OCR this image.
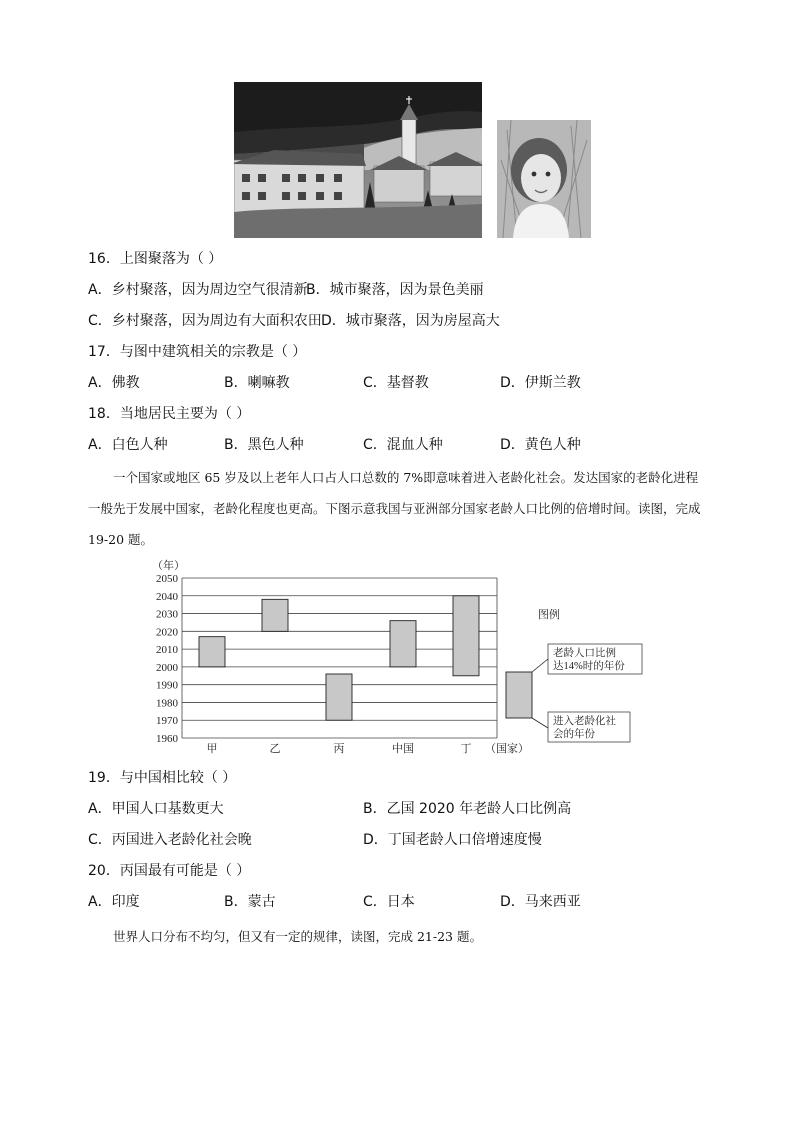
16．上图聚落为（ ）
A．乡村聚落，因为周边空气很清新
B．城市聚落，因为景色美丽
C．乡村聚落，因为周边有大面积农田 D．城市聚落，因为房屋高大
17．与图中建筑相关的宗教是（ ）
A．佛教	B．喇嘛教	C．基督教	D．伊斯兰教
18．当地居民主要为（ ）
A．白色人种	B．黑色人种	C．混血人种	D．黄色人种
一个国家或地区 65 岁及以上老年人口占人口总数的 7%即意味着进入老龄化社会。发达国家的老龄化进程一般先于发展中国家，老龄化程度也更高。下图示意我国与亚洲部分国家老龄人口比例的倍增时间。读图，完成 19-20 题。
（年）
1960
1970
1980
1990
2000
2010
2020
2030
2040
2050
甲	乙	丙	中国	丁 （国家）
图例
老龄人口比例
达14%时的年份
进入老龄化社
会的年份
19．与中国相比较（ ）
A．甲国人口基数更大	B．乙国 2020 年老龄人口比例高
C．丙国进入老龄化社会晚	D．丁国老龄人口倍增速度慢
20．丙国最有可能是（ ）
A．印度	B．蒙古	C．日本	D．马来西亚
世界人口分布不均匀，但又有一定的规律，读图，完成 21-23 题。
